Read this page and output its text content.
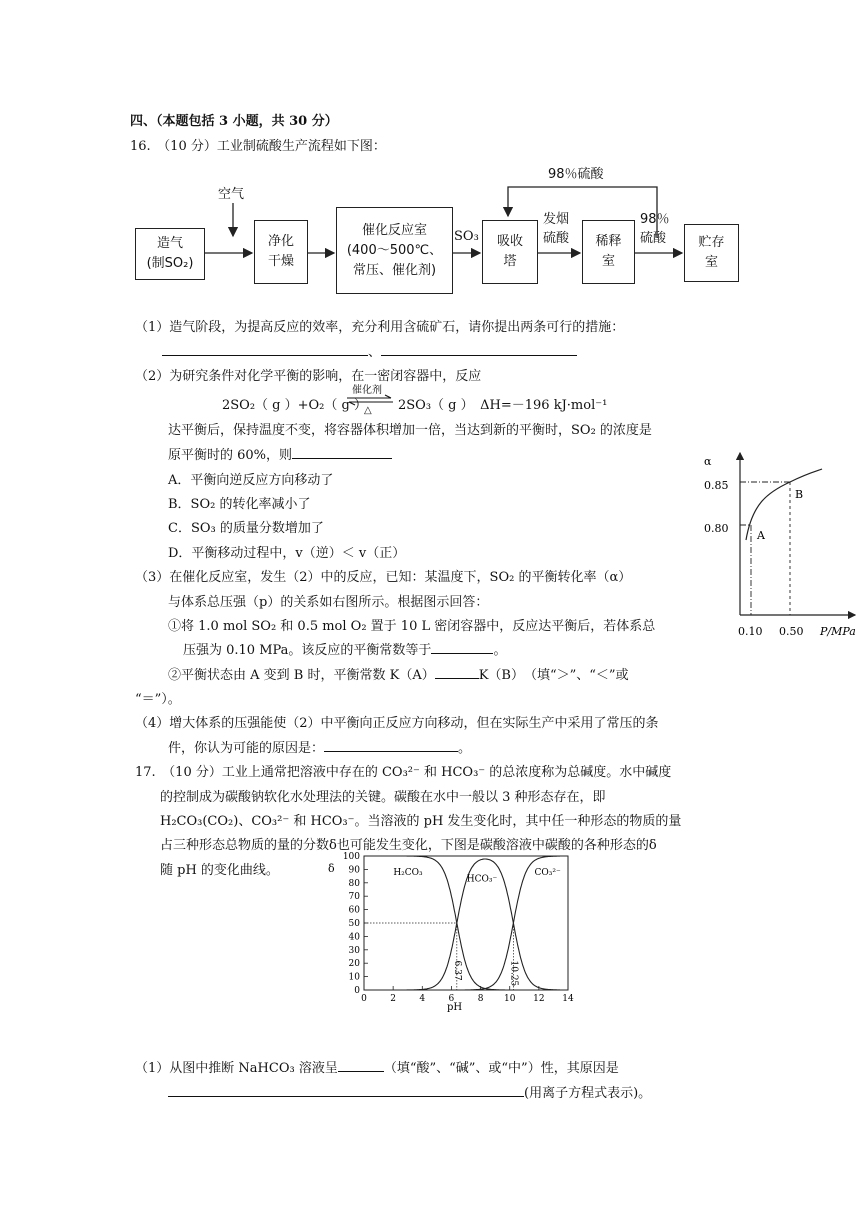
四、（本题包括 3 小题，共 30 分）
16.　（10 分）工业制硫酸生产流程如下图：
空气
98％硫酸
造气
(制SO₂)
净化
干燥
催化反应室
(400～500℃、
常压、催化剂)
SO₃	吸收
塔
发烟
硫酸	稀释
室
98％
硫酸	贮存
室
（1）造气阶段，为提高反应的效率，充分利用含硫矿石，请你提出两条可行的措施：
、
（2）为研究条件对化学平衡的影响，在一密闭容器中，反应
催化剂
2SO₂（ g ）+O₂（ g ）
△ 2SO₃（ g ）　ΔH=－196 kJ·mol⁻¹
达平衡后，保持温度不变，将容器体积增加一倍，当达到新的平衡时，SO₂ 的浓度是
原平衡时的 60%，则
A．平衡向逆反应方向移动了
B．SO₂ 的转化率减小了
C．SO₃ 的质量分数增加了
D．平衡移动过程中，v（逆）＜ v（正）
（3）在催化反应室，发生（2）中的反应，已知：某温度下，SO₂ 的平衡转化率（α）
与体系总压强（p）的关系如右图所示。根据图示回答：
①将 1.0 mol SO₂ 和 0.5 mol O₂ 置于 10 L 密闭容器中，反应达平衡后，若体系总
压强为 0.10 MPa。该反应的平衡常数等于	。
②平衡状态由 A 变到 B 时，平衡常数 K（A）	K（B）　（填“＞”、“＜”或
“＝”）。
（4）增大体系的压强能使（2）中平衡向正反应方向移动，但在实际生产中采用了常压的条
件，你认为可能的原因是：	。
α
0.85
0.80
0.10 0.50 P/MPa
A
B
17.　（10 分）工业上通常把溶液中存在的 CO₃²⁻ 和 HCO₃⁻ 的总浓度称为总碱度。水中碱度
的控制成为碳酸钠软化水处理法的关键。碳酸在水中一般以 3 种形态存在，即
H₂CO₃(CO₂)、CO₃²⁻ 和 HCO₃⁻。当溶液的 pH 发生变化时，其中任一种形态的物质的量
占三种形态总物质的量的分数δ也可能发生变化，下图是碳酸溶液中碳酸的各种形态的δ
随 pH 的变化曲线。	δ
pH
0
10
20
30
40
50
60
70
80
90
100
0	2	4	6	8 10 12 14
H₂CO₃
HCO₃⁻
CO₃²⁻
6.37	10.25
（1）从图中推断 NaHCO₃ 溶液呈	（填“酸”、“碱”、或“中”）性，其原因是
(用离子方程式表示)。
